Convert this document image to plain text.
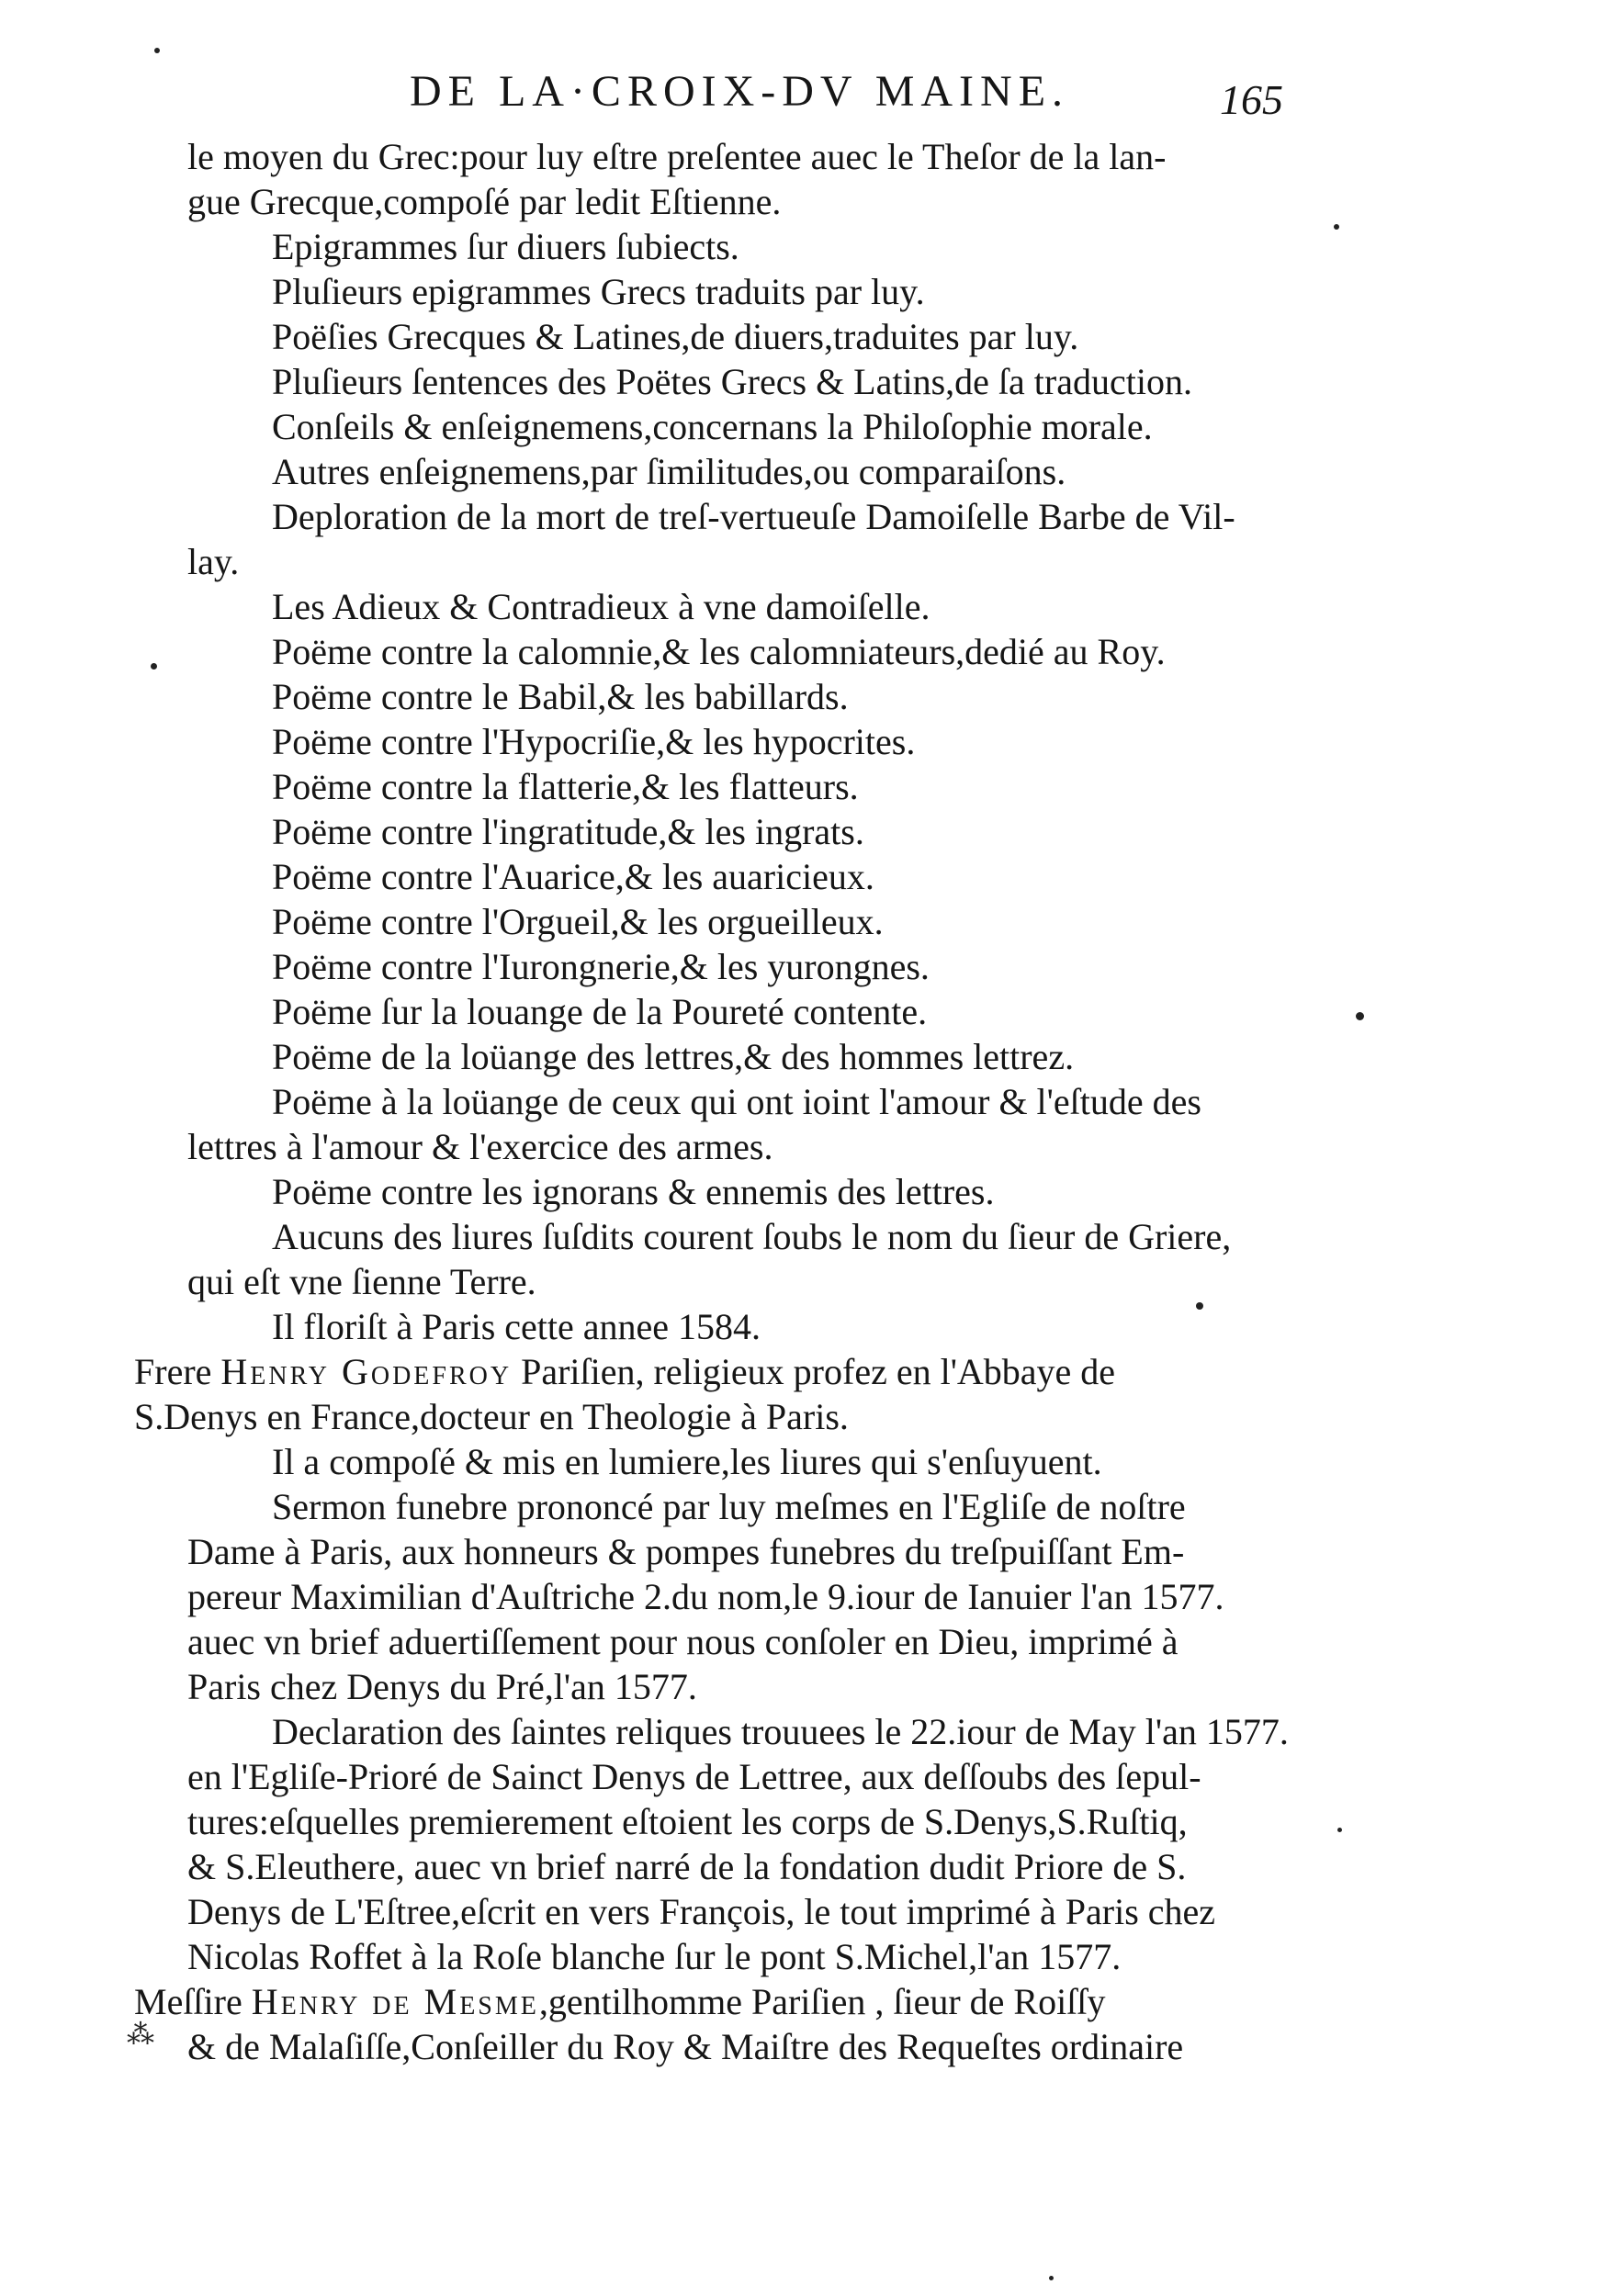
DE LA·CROIX-DV MAINE.	165
le moyen du Grec:pour luy eſtre preſentee auec le Theſor de la lan-
gue Grecque,compoſé par ledit Eſtienne.
Epigrammes ſur diuers ſubiects.
Pluſieurs epigrammes Grecs traduits par luy.
Poëſies Grecques & Latines,de diuers,traduites par luy.
Pluſieurs ſentences des Poëtes Grecs & Latins,de ſa traduction.
Conſeils & enſeignemens,concernans la Philoſophie morale.
Autres enſeignemens,par ſimilitudes,ou comparaiſons.
Deploration de la mort de treſ-vertueuſe Damoiſelle Barbe de Vil-
lay.
Les Adieux & Contradieux à vne damoiſelle.
Poëme contre la calomnie,& les calomniateurs,dedié au Roy.
Poëme contre le Babil,& les babillards.
Poëme contre l'Hypocriſie,& les hypocrites.
Poëme contre la flatterie,& les flatteurs.
Poëme contre l'ingratitude,& les ingrats.
Poëme contre l'Auarice,& les auaricieux.
Poëme contre l'Orgueil,& les orgueilleux.
Poëme contre l'Iurongnerie,& les yurongnes.
Poëme ſur la louange de la Poureté contente.
Poëme de la loüange des lettres,& des hommes lettrez.
Poëme à la loüange de ceux qui ont ioint l'amour & l'eſtude des
lettres à l'amour & l'exercice des armes.
Poëme contre les ignorans & ennemis des lettres.
Aucuns des liures ſuſdits courent ſoubs le nom du ſieur de Griere,
qui eſt vne ſienne Terre.
Il floriſt à Paris cette annee 1584.
Frere Henry Godefroy Pariſien, religieux profez en l'Abbaye de
S.Denys en France,docteur en Theologie à Paris.
Il a compoſé & mis en lumiere,les liures qui s'enſuyuent.
Sermon funebre prononcé par luy meſmes en l'Egliſe de noſtre
Dame à Paris, aux honneurs & pompes funebres du treſpuiſſant Em-
pereur Maximilian d'Auſtriche 2.du nom,le 9.iour de Ianuier l'an 1577.
auec vn brief aduertiſſement pour nous conſoler en Dieu, imprimé à
Paris chez Denys du Pré,l'an 1577.
Declaration des ſaintes reliques trouuees le 22.iour de May l'an 1577.
en l'Egliſe-Prioré de Sainct Denys de Lettree, aux deſſoubs des ſepul-
tures:eſquelles premierement eſtoient les corps de S.Denys,S.Ruſtiq,
& S.Eleuthere, auec vn brief narré de la fondation dudit Priore de S.
Denys de L'Eſtree,eſcrit en vers François, le tout imprimé à Paris chez
Nicolas Roffet à la Roſe blanche ſur le pont S.Michel,l'an 1577.
Meſſire Henry de Mesme,gentilhomme Pariſien , ſieur de Roiſſy
& de Malaſiſſe,Conſeiller du Roy & Maiſtre des Requeſtes ordinaire
⁂
